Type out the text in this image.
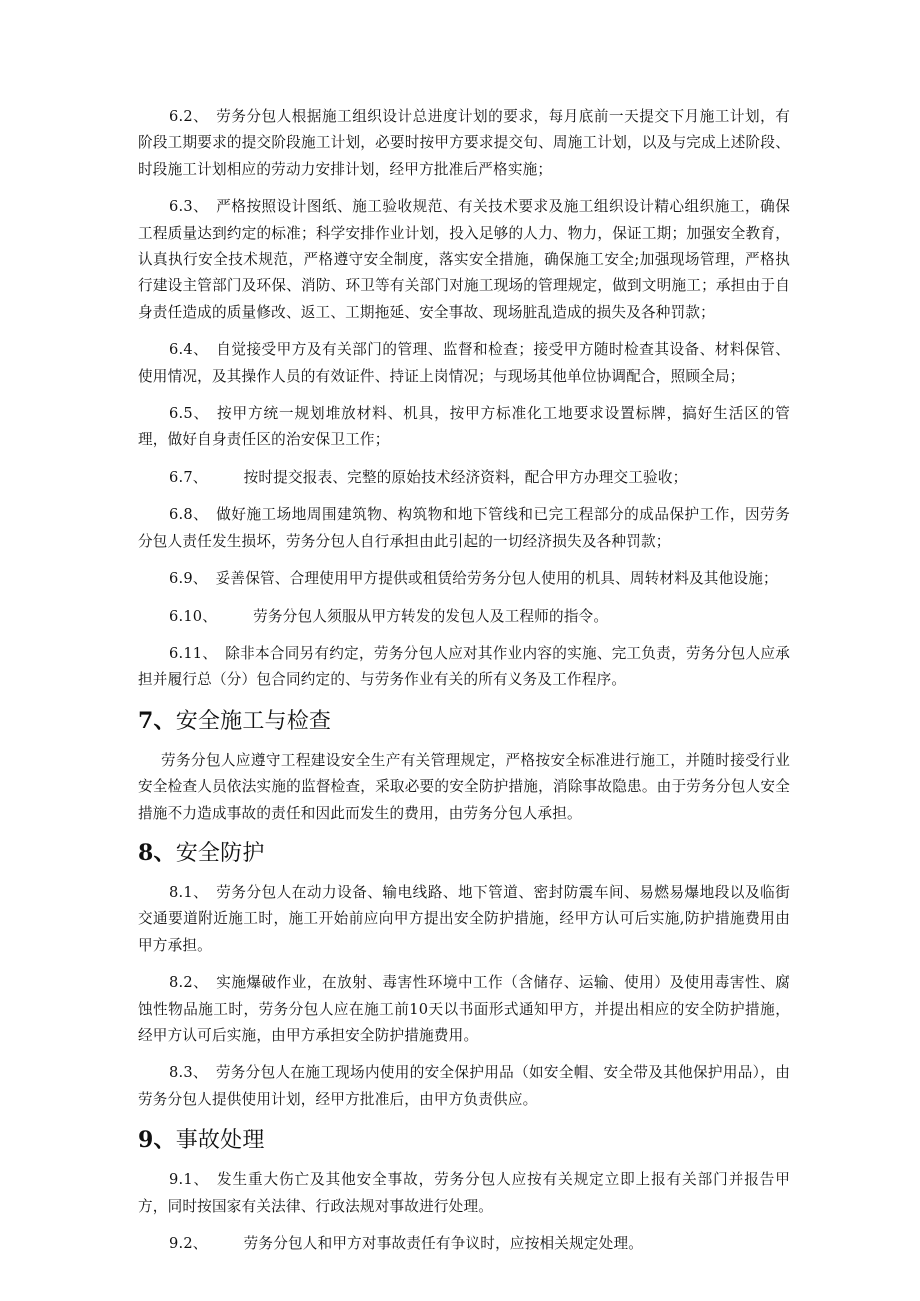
6.2、 劳务分包人根据施工组织设计总进度计划的要求，每月底前一天提交下月施工计划，有阶段工期要求的提交阶段施工计划，必要时按甲方要求提交旬、周施工计划，以及与完成上述阶段、时段施工计划相应的劳动力安排计划，经甲方批准后严格实施；

6.3、 严格按照设计图纸、施工验收规范、有关技术要求及施工组织设计精心组织施工，确保工程质量达到约定的标准；科学安排作业计划，投入足够的人力、物力，保证工期；加强安全教育，认真执行安全技术规范，严格遵守安全制度，落实安全措施，确保施工安全;加强现场管理，严格执行建设主管部门及环保、消防、环卫等有关部门对施工现场的管理规定，做到文明施工；承担由于自身责任造成的质量修改、返工、工期拖延、安全事故、现场脏乱造成的损失及各种罚款；

6.4、 自觉接受甲方及有关部门的管理、监督和检查；接受甲方随时检查其设备、材料保管、使用情况，及其操作人员的有效证件、持证上岗情况；与现场其他单位协调配合，照顾全局；

6.5、 按甲方统一规划堆放材料、机具，按甲方标准化工地要求设置标牌，搞好生活区的管理，做好自身责任区的治安保卫工作；

6.7、 按时提交报表、完整的原始技术经济资料，配合甲方办理交工验收；

6.8、 做好施工场地周围建筑物、构筑物和地下管线和已完工程部分的成品保护工作，因劳务分包人责任发生损坏，劳务分包人自行承担由此引起的一切经济损失及各种罚款；

6.9、 妥善保管、合理使用甲方提供或租赁给劳务分包人使用的机具、周转材料及其他设施；

6.10、 劳务分包人须服从甲方转发的发包人及工程师的指令。

6.11、 除非本合同另有约定，劳务分包人应对其作业内容的实施、完工负责，劳务分包人应承担并履行总（分）包合同约定的、与劳务作业有关的所有义务及工作程序。

7、 安全施工与检查

劳务分包人应遵守工程建设安全生产有关管理规定，严格按安全标准进行施工，并随时接受行业安全检查人员依法实施的监督检查，采取必要的安全防护措施，消除事故隐患。由于劳务分包人安全措施不力造成事故的责任和因此而发生的费用，由劳务分包人承担。

8、 安全防护

8.1、 劳务分包人在动力设备、输电线路、地下管道、密封防震车间、易燃易爆地段以及临街交通要道附近施工时，施工开始前应向甲方提出安全防护措施，经甲方认可后实施,防护措施费用由甲方承担。

8.2、 实施爆破作业，在放射、毒害性环境中工作（含储存、运输、使用）及使用毒害性、腐蚀性物品施工时，劳务分包人应在施工前10天以书面形式通知甲方，并提出相应的安全防护措施，经甲方认可后实施，由甲方承担安全防护措施费用。

8.3、 劳务分包人在施工现场内使用的安全保护用品（如安全帽、安全带及其他保护用品），由劳务分包人提供使用计划，经甲方批准后，由甲方负责供应。

9、 事故处理

9.1、 发生重大伤亡及其他安全事故，劳务分包人应按有关规定立即上报有关部门并报告甲方，同时按国家有关法律、行政法规对事故进行处理。

9.2、 劳务分包人和甲方对事故责任有争议时，应按相关规定处理。
